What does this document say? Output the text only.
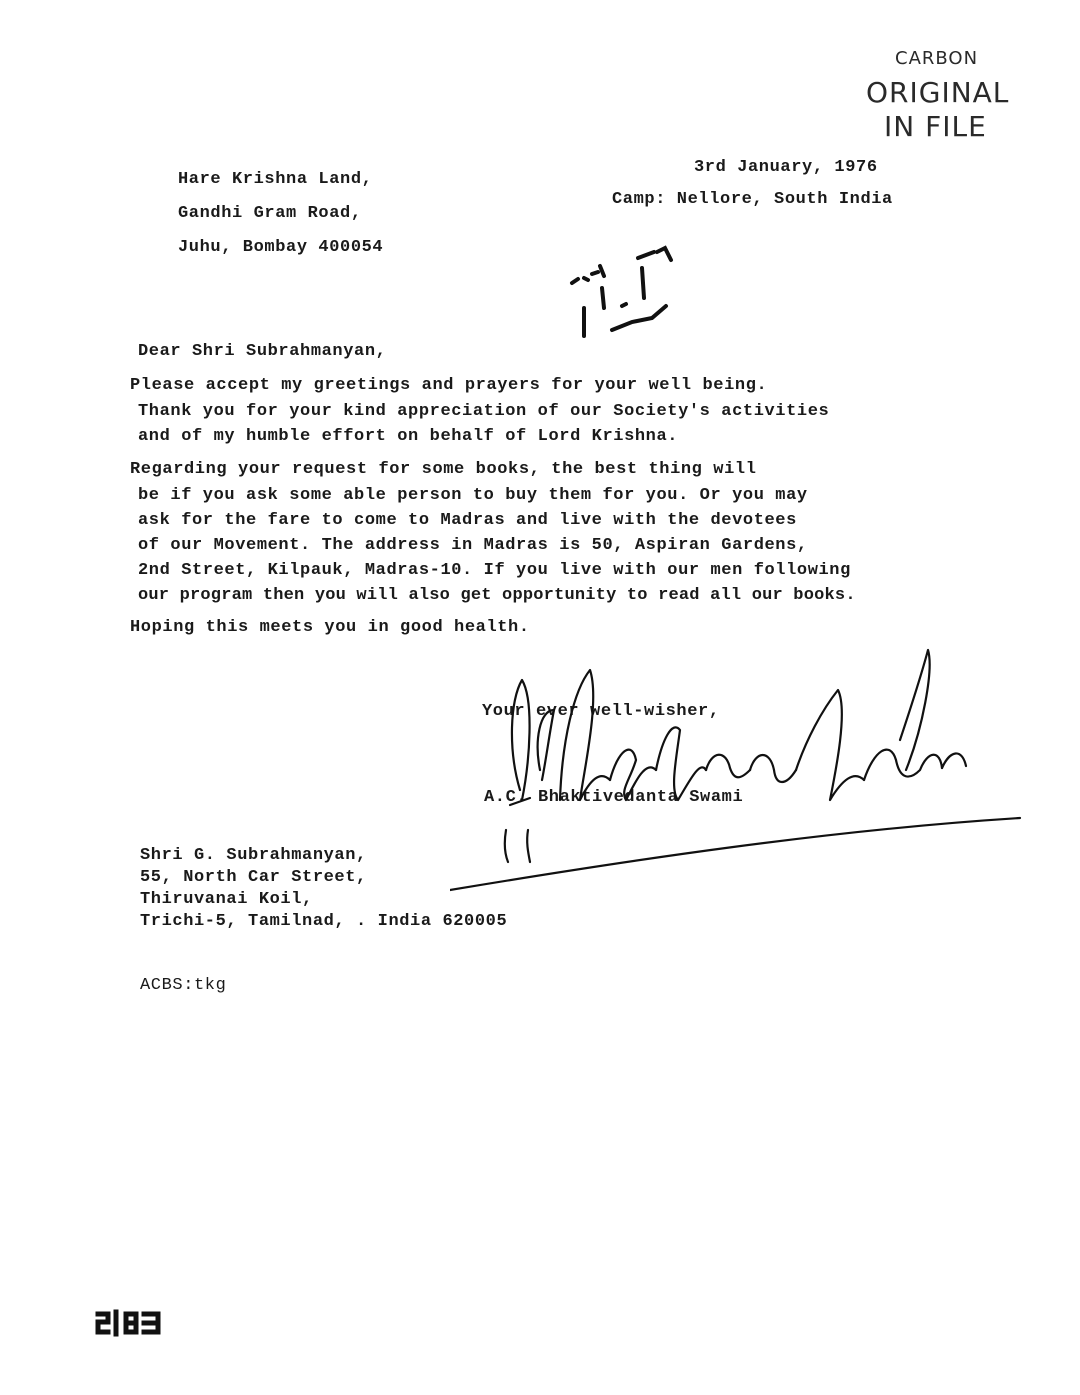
CARBON
ORIGINAL
IN FILE
Hare Krishna Land,
Gandhi Gram Road,
Juhu, Bombay 400054
3rd January, 1976
Camp: Nellore, South India
Dear Shri Subrahmanyan,
Please accept my greetings and prayers for your well being.
Thank you for your kind appreciation of our Society's activities
and of my humble effort on behalf of Lord Krishna.
Regarding your request for some books, the best thing will
be if you ask some able person to buy them for you. Or you may
ask for the fare to come to Madras and live with the devotees
of our Movement. The address in Madras is 50, Aspiran Gardens,
2nd Street, Kilpauk, Madras-10. If you live with our men following
our program then you will also get opportunity to read all our books.
Hoping this meets you in good health.
Your ever well-wisher,
A.C. Bhaktivedanta Swami
Shri G. Subrahmanyan,
55, North Car Street,
Thiruvanai Koil,
Trichi-5, Tamilnad, . India 620005
ACBS:tkg
